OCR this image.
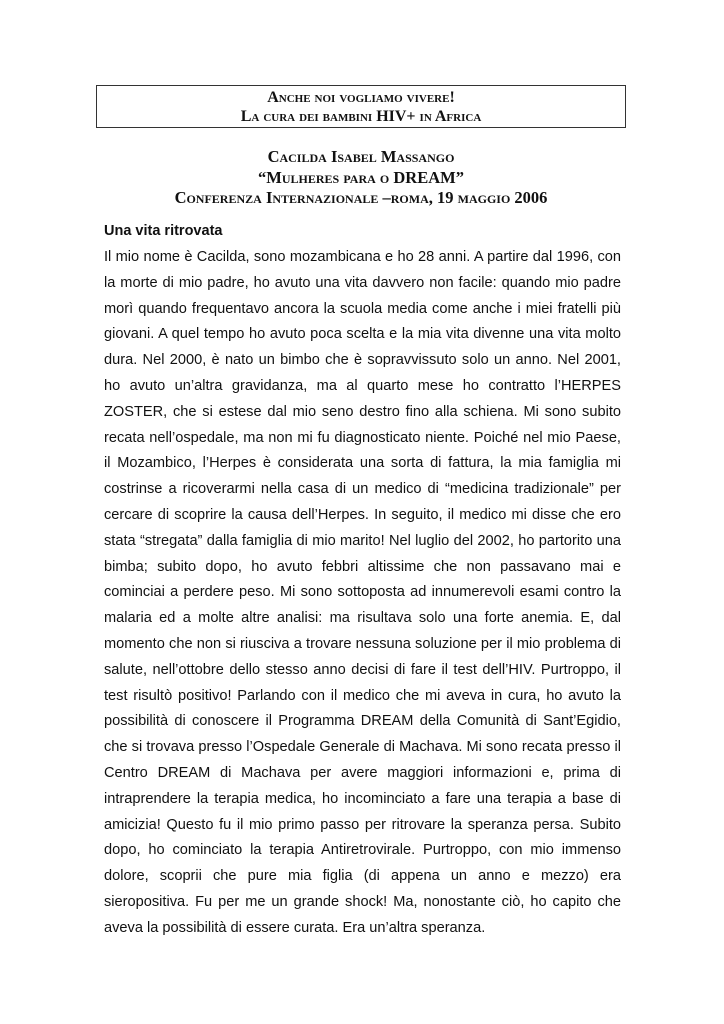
Anche noi vogliamo vivere!
La cura dei bambini HIV+ in Africa
Cacilda Isabel Massango
“Mulheres para o DREAM”
Conferenza Internazionale –roma, 19 maggio 2006
Una vita ritrovata
Il mio nome è Cacilda, sono mozambicana e ho 28 anni. A partire dal 1996, con
la morte di mio padre, ho avuto una vita davvero non facile: quando mio padre
morì quando frequentavo ancora la scuola media come anche i miei fratelli più
giovani. A quel tempo ho avuto poca scelta e la mia vita divenne una vita molto
dura. Nel 2000, è nato un bimbo che è sopravvissuto solo un anno. Nel 2001,
ho avuto un’altra gravidanza, ma al quarto mese ho contratto l’HERPES
ZOSTER, che si estese dal mio seno destro fino alla schiena. Mi sono subito
recata nell’ospedale, ma non mi fu diagnosticato niente. Poiché nel mio Paese,
il Mozambico, l’Herpes è considerata una sorta di fattura, la mia famiglia mi
costrinse a ricoverarmi nella casa di un medico di “medicina tradizionale” per
cercare di scoprire la causa dell’Herpes. In seguito, il medico mi disse che ero
stata “stregata” dalla famiglia di mio marito! Nel luglio del 2002, ho partorito una
bimba; subito dopo, ho avuto febbri altissime che non passavano mai e
cominciai a perdere peso. Mi sono sottoposta ad innumerevoli esami contro la
malaria ed a molte altre analisi: ma risultava solo una forte anemia. E, dal
momento che non si riusciva a trovare nessuna soluzione per il mio problema di
salute, nell’ottobre dello stesso anno decisi di fare il test dell’HIV. Purtroppo, il
test risultò positivo! Parlando con il medico che mi aveva in cura, ho avuto la
possibilità di conoscere il Programma DREAM della Comunità di Sant’Egidio,
che si trovava presso l’Ospedale Generale di Machava. Mi sono recata presso il
Centro DREAM di Machava per avere maggiori informazioni e, prima di
intraprendere la terapia medica, ho incominciato a fare una terapia a base di
amicizia! Questo fu il mio primo passo per ritrovare la speranza persa. Subito
dopo, ho cominciato la terapia Antiretrovirale. Purtroppo, con mio immenso
dolore, scoprii che pure mia figlia (di appena un anno e mezzo) era
sieropositiva. Fu per me un grande shock! Ma, nonostante ciò, ho capito che
aveva la possibilità di essere curata. Era un’altra speranza.
